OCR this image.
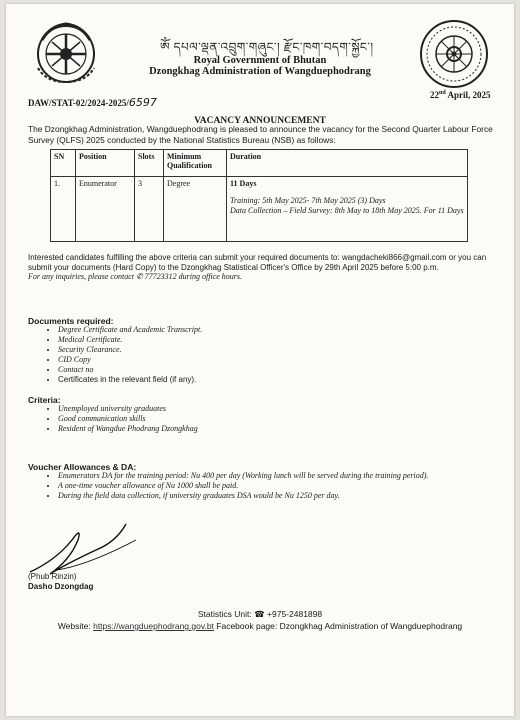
ༀ དཔལ་ལྡན་འབྲུག་གཞུང་། རྫོང་ཁག་བདག་སྐྱོང་།
Royal Government of Bhutan
Dzongkhag Administration of Wangduephodrang
DAW/STAT-02/2024-2025/6597
22nd April, 2025
VACANCY ANNOUNCEMENT
The Dzongkhag Administration, Wangduephodrang is pleased to announce the vacancy for the Second Quarter Labour Force Survey (QLFS) 2025 conducted by the National Statistics Bureau (NSB) as follows:
SN	Position	Slots	Minimum Qualification	Duration
1.	Enumerator	3	Degree	11 Days
Training: 5th May 2025- 7th May 2025 (3) Days
Data Collection – Field Survey: 8th May to 18th May 2025. For 11 Days
Interested candidates fulfilling the above criteria can submit your required documents to: wangdacheki866@gmail.com or you can submit your documents (Hard Copy) to the Dzongkhag Statistical Officer's Office by 29th April 2025 before 5:00 p.m.
For any inquiries, please contact ✆ 77723312 during office hours.
Documents required:
• Degree Certificate and Academic Transcript.
• Medical Certificate.
• Security Clearance.
• CID Copy
• Contact no
• Certificates in the relevant field (if any).
Criteria:
• Unemployed university graduates
• Good communication skills
• Resident of Wangdue Phodrang Dzongkhag
Voucher Allowances & DA:
• Enumerators DA for the training period: Nu 400 per day (Working lunch will be served during the training period).
• A one-time voucher allowance of Nu 1000 shall be paid.
• During the field data collection, if university graduates DSA would be Nu 1250 per day.
(Phub Rinzin)
Dasho Dzongdag
Statistics Unit: ☎ +975-2481898
Website: https://wangduephodrang.gov.bt Facebook page: Dzongkhag Administration of Wangduephodrang
